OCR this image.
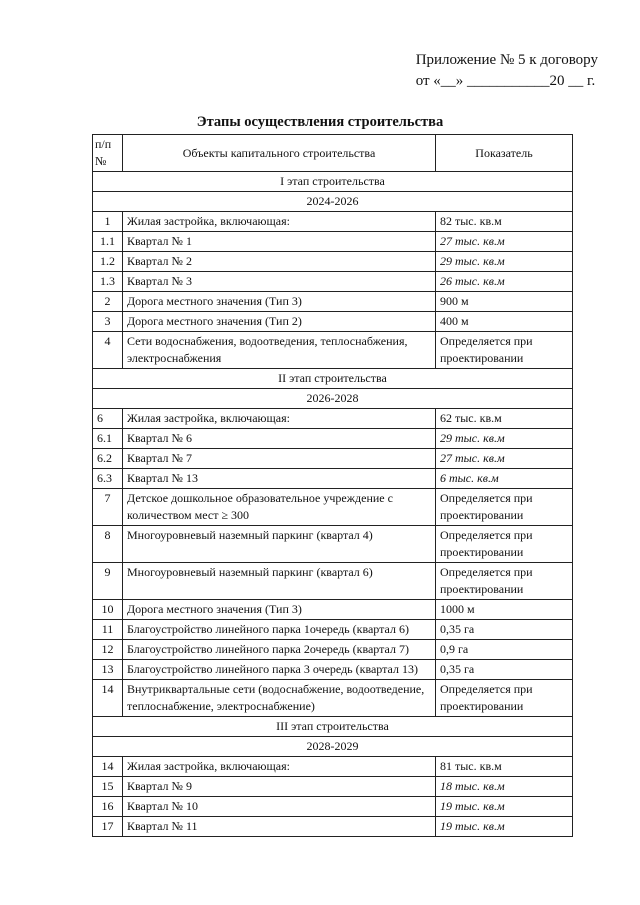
Приложение № 5 к договору
от «__» ___________20 __ г.
Этапы осуществления строительства
п/п №	Объекты капитального строительства	Показатель
I этап строительства		
2024-2026		
1	Жилая застройка, включающая:	82 тыс. кв.м
1.1	Квартал № 1	27 тыс. кв.м
1.2	Квартал № 2	29 тыс. кв.м
1.3	Квартал № 3	26 тыс. кв.м
2	Дорога местного значения (Тип 3)	900 м
3	Дорога местного значения (Тип 2)	400 м
4	Сети водоснабжения, водоотведения, теплоснабжения, электроснабжения	Определяется при проектировании
II этап строительства		
2026-2028		
6	Жилая застройка, включающая:	62 тыс. кв.м
6.1	Квартал № 6	29 тыс. кв.м
6.2	Квартал № 7	27 тыс. кв.м
6.3	Квартал № 13	6 тыс. кв.м
7	Детское дошкольное образовательное учреждение с количеством мест ≥ 300	Определяется при проектировании
8	Многоуровневый наземный паркинг (квартал 4)	Определяется при проектировании
9	Многоуровневый наземный паркинг (квартал 6)	Определяется при проектировании
10	Дорога местного значения (Тип 3)	1000 м
11	Благоустройство линейного парка 1очередь (квартал 6)	0,35 га
12	Благоустройство линейного парка 2очередь (квартал 7)	0,9 га
13	Благоустройство линейного парка 3 очередь (квартал 13)	0,35 га
14	Внутриквартальные сети (водоснабжение, водоотведение, теплоснабжение, электроснабжение)	Определяется при проектировании
III этап строительства		
2028-2029		
14	Жилая застройка, включающая:	81 тыс. кв.м
15	Квартал № 9	18 тыс. кв.м
16	Квартал № 10	19 тыс. кв.м
17	Квартал № 11	19 тыс. кв.м
